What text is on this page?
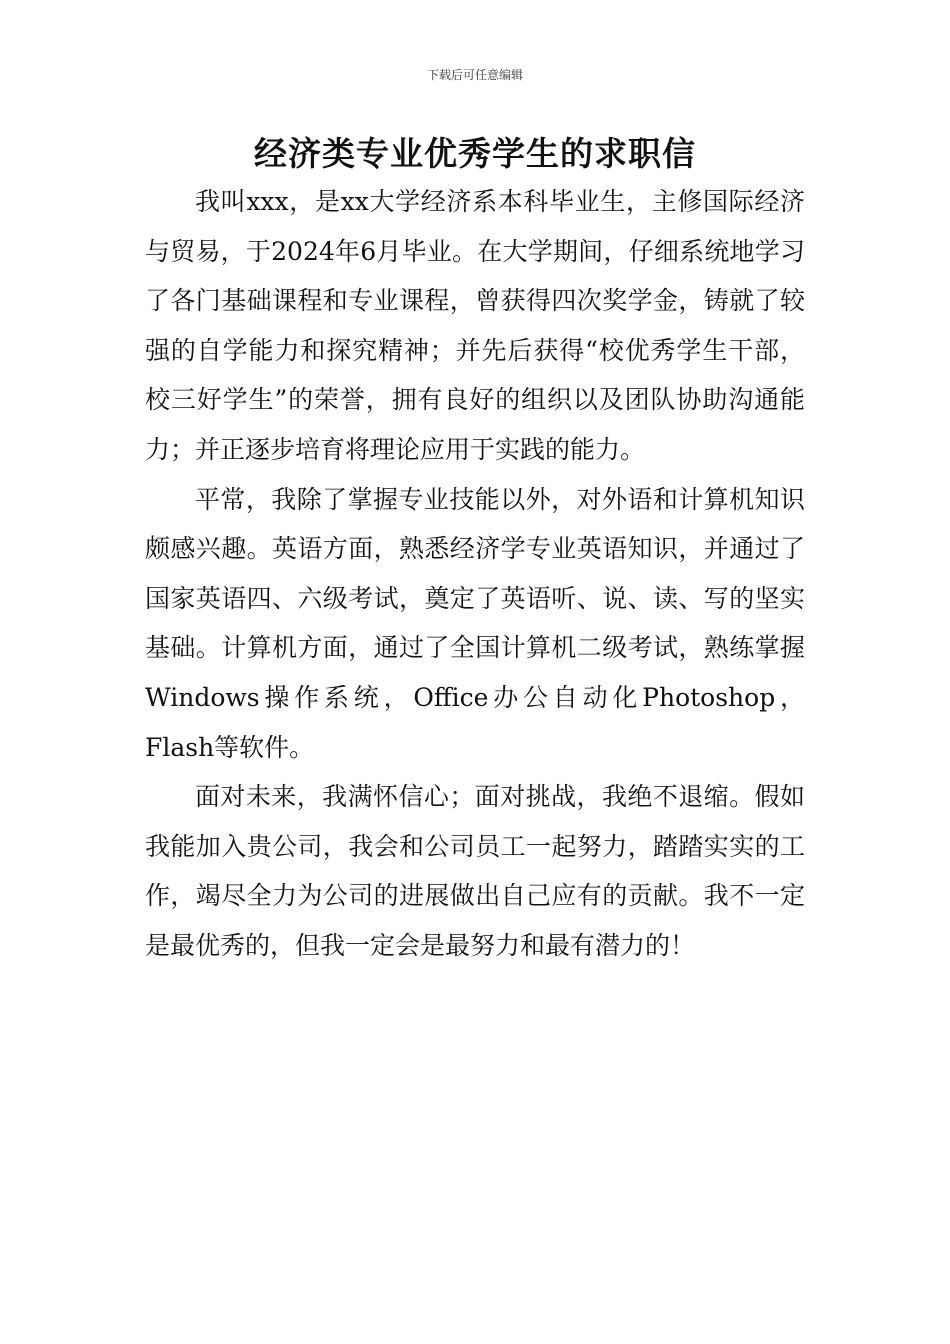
下载后可任意编辑
经济类专业优秀学生的求职信

我叫xxx，是xx大学经济系本科毕业生，主修国际经济与贸易，于2024年6月毕业。在大学期间，仔细系统地学习了各门基础课程和专业课程，曾获得四次奖学金，铸就了较强的自学能力和探究精神；并先后获得“校优秀学生干部，校三好学生”的荣誉，拥有良好的组织以及团队协助沟通能力；并正逐步培育将理论应用于实践的能力。

平常，我除了掌握专业技能以外，对外语和计算机知识颇感兴趣。英语方面，熟悉经济学专业英语知识，并通过了国家英语四、六级考试，奠定了英语听、说、读、写的坚实基础。计算机方面，通过了全国计算机二级考试，熟练掌握Windows操作系统，Office办公自动化Photoshop，Flash等软件。

面对未来，我满怀信心；面对挑战，我绝不退缩。假如我能加入贵公司，我会和公司员工一起努力，踏踏实实的工作，竭尽全力为公司的进展做出自己应有的贡献。我不一定是最优秀的，但我一定会是最努力和最有潜力的！
